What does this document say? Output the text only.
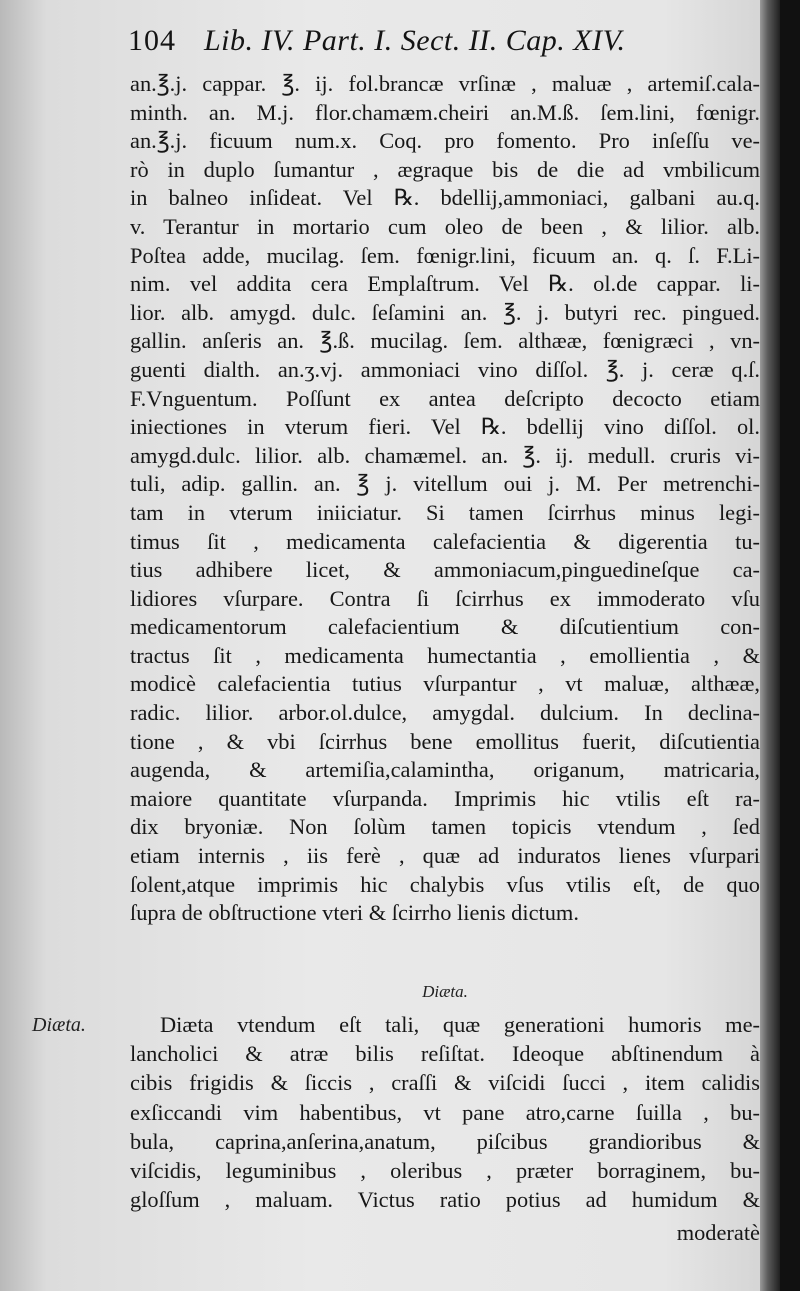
104 Lib. IV. Part. I. Sect. II. Cap. XIV.
an.℥.j. cappar. ℥. ij. fol.brancæ vrſinæ , maluæ , artemiſ.cala-
minth. an. M.j. flor.chamæm.cheiri an.M.ß. ſem.lini, fœnigr.
an.℥.j. ficuum num.x. Coq. pro fomento. Pro inſeſſu ve-
rò in duplo ſumantur , ægraque bis de die ad vmbilicum
in balneo inſideat. Vel ℞. bdellij,ammoniaci, galbani au.q.
v. Terantur in mortario cum oleo de been , & lilior. alb.
Poſtea adde, mucilag. ſem. fœnigr.lini, ficuum an. q. ſ. F.Li-
nim. vel addita cera Emplaſtrum. Vel ℞. ol.de cappar. li-
lior. alb. amygd. dulc. ſeſamini an. ℥. j. butyri rec. pingued.
gallin. anſeris an. ℥.ß. mucilag. ſem. althææ, fœnigræci , vn-
guenti dialth. an.ʒ.vj. ammoniaci vino diſſol. ℥. j. ceræ q.ſ.
F.Vnguentum. Poſſunt ex antea deſcripto decocto etiam
iniectiones in vterum fieri. Vel ℞. bdellij vino diſſol. ol.
amygd.dulc. lilior. alb. chamæmel. an. ℥. ij. medull. cruris vi-
tuli, adip. gallin. an. ℥ j. vitellum oui j. M. Per metrenchi-
tam in vterum iniiciatur. Si tamen ſcirrhus minus legi-
timus ſit , medicamenta calefacientia & digerentia tu-
tius adhibere licet, & ammoniacum,pinguedineſque ca-
lidiores vſurpare. Contra ſi ſcirrhus ex immoderato vſu
medicamentorum calefacientium & diſcutientium con-
tractus ſit , medicamenta humectantia , emollientia , &
modicè calefacientia tutius vſurpantur , vt maluæ, althææ,
radic. lilior. arbor.ol.dulce, amygdal. dulcium. In declina-
tione , & vbi ſcirrhus bene emollitus fuerit, diſcutientia
augenda, & artemiſia,calamintha, origanum, matricaria,
maiore quantitate vſurpanda. Imprimis hic vtilis eſt ra-
dix bryoniæ. Non ſolùm tamen topicis vtendum , ſed
etiam internis , iis ferè , quæ ad induratos lienes vſurpari
ſolent,atque imprimis hic chalybis vſus vtilis eſt, de quo
ſupra de obſtructione vteri & ſcirrho lienis dictum.
Diæta.
Diæta.	Diæta vtendum eſt tali, quæ generationi humoris me-
lancholici & atræ bilis reſiſtat. Ideoque abſtinendum à
cibis frigidis & ſiccis , craſſi & viſcidi ſucci , item calidis
exſiccandi vim habentibus, vt pane atro,carne ſuilla , bu-
bula, caprina,anſerina,anatum, piſcibus grandioribus &
viſcidis, leguminibus , oleribus , præter borraginem, bu-
gloſſum , maluam. Victus ratio potius ad humidum &
moderatè
